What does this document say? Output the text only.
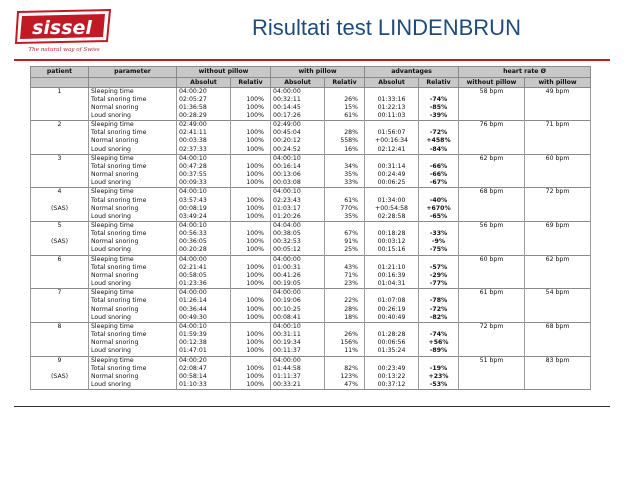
sissel
The natural way of Swiss
Risultati test LINDENBRUN
patient	parameter	without pillow		with pillow		advantages		heart rate Ø	
		Absolut	Relativ	Absolut	Relativ	Absolut	Relativ	without pillow	with pillow
1	Sleeping time	04:00:20		04:00:00				58 bpm	49 bpm
	Total snoring time	02:05:27	100%	00:32:11	26%	01:33:16	-74%		
	Normal snoring	01:36:58	100%	00:14:45	15%	01:22:13	-85%		
	Loud snoring	00:28:29	100%	00:17:26	61%	00:11:03	-39%		
2	Sleeping time	02:49:00		02:49:00				76 bpm	71 bpm
	Total snoring time	02:41:11	100%	00:45:04	28%	01:56:07	-72%		
	Normal snoring	00:03:38	100%	00:20:12	558%	+00:16:34	+458%		
	Loud snoring	02:37:33	100%	00:24:52	16%	02:12:41	-84%		
3	Sleeping time	04:00:10		04:00:10				62 bpm	60 bpm
	Total snoring time	00:47:28	100%	00:16:14	34%	00:31:14	-66%		
	Normal snoring	00:37:55	100%	00:13:06	35%	00:24:49	-66%		
	Loud snoring	00:09:33	100%	00:03:08	33%	00:06:25	-67%		
4	Sleeping time	04:00:10		04:00:10				68 bpm	72 bpm
	Total snoring time	03:57:43	100%	02:23:43	61%	01:34:00	-40%		
(SAS)	Normal snoring	00:08:19	100%	01:03:17	770%	+00:54:58	+670%		
	Loud snoring	03:49:24	100%	01:20:26	35%	02:28:58	-65%		
5	Sleeping time	04:00:10		04:04:00				56 bpm	69 bpm
	Total snoring time	00:56:33	100%	00:38:05	67%	00:18:28	-33%		
(SAS)	Normal snoring	00:36:05	100%	00:32:53	91%	00:03:12	-9%		
	Loud snoring	00:20:28	100%	00:05:12	25%	00:15:16	-75%		
6	Sleeping time	04:00:00		04:00:00				60 bpm	62 bpm
	Total snoring time	02:21:41	100%	01:00:31	43%	01:21:10	-57%		
	Normal snoring	00:58:05	100%	00:41:26	71%	00:16:39	-29%		
	Loud snoring	01:23:36	100%	00:19:05	23%	01:04:31	-77%		
7	Sleeping time	04:00:00		04:00:00				61 bpm	54 bpm
	Total snoring time	01:26:14	100%	00:19:06	22%	01:07:08	-78%		
	Normal snoring	00:36:44	100%	00:10:25	28%	00:26:19	-72%		
	Loud snoring	00:49:30	100%	00:08:41	18%	00:40:49	-82%		
8	Sleeping time	04:00:10		04:00:10				72 bpm	68 bpm
	Total snoring time	01:59:39	100%	00:31:11	26%	01:28:28	-74%		
	Normal snoring	00:12:38	100%	00:19:34	156%	00:06:56	+56%		
	Loud snoring	01:47:01	100%	00:11:37	11%	01:35:24	-89%		
9	Sleeping time	04:00:20		04:00:00				51 bpm	83 bpm
	Total snoring time	02:08:47	100%	01:44:58	82%	00:23:49	-19%		
(SAS)	Normal snoring	00:58:14	100%	01:11:37	123%	00:13:22	+23%		
	Loud snoring	01:10:33	100%	00:33:21	47%	00:37:12	-53%		
